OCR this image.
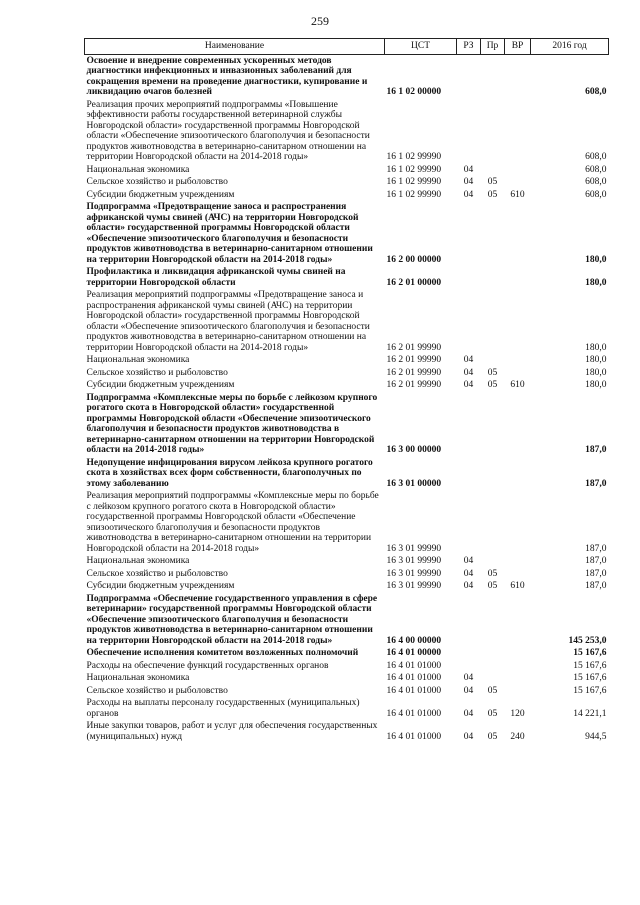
259
Наименование	ЦСТ	РЗ	Пр	ВР	2016 год
Освоение и внедрение современных ускоренных методов диагностики инфекционных и инвазионных заболеваний для сокращения времени на проведение диагностики, купирование и ликвидацию очагов болезней	16 1 02 00000				608,0
Реализация прочих мероприятий подпрограммы «Повышение эффективности работы государственной ветеринарной службы Новгородской области» государственной программы Новгородской области «Обеспечение эпизоотического благополучия и безопасности продуктов животноводства в ветеринарно-санитарном отношении на территории Новгородской области на 2014-2018 годы»	16 1 02 99990				608,0
Национальная экономика	16 1 02 99990	04			608,0
Сельское хозяйство и рыболовство	16 1 02 99990	04	05		608,0
Субсидии бюджетным учреждениям	16 1 02 99990	04	05	610	608,0
Подпрограмма «Предотвращение заноса и распространения африканской чумы свиней (АЧС) на территории Новгородской области» государственной программы Новгородской области «Обеспечение эпизоотического благополучия и безопасности продуктов животноводства в ветеринарно-санитарном отношении на территории Новгородской области на 2014-2018 годы»	16 2 00 00000				180,0
Профилактика и ликвидация африканской чумы свиней на территории Новгородской области	16 2 01 00000				180,0
Реализация мероприятий подпрограммы «Предотвращение заноса и распространения африканской чумы свиней (АЧС) на территории Новгородской области» государственной программы Новгородской области «Обеспечение эпизоотического благополучия и безопасности продуктов животноводства в ветеринарно-санитарном отношении на территории Новгородской области на 2014-2018 годы»	16 2 01 99990				180,0
Национальная экономика	16 2 01 99990	04			180,0
Сельское хозяйство и рыболовство	16 2 01 99990	04	05		180,0
Субсидии бюджетным учреждениям	16 2 01 99990	04	05	610	180,0
Подпрограмма «Комплексные меры по борьбе с лейкозом крупного рогатого скота в Новгородской области» государственной программы Новгородской области «Обеспечение эпизоотического благополучия и безопасности продуктов животноводства в ветеринарно-санитарном отношении на территории Новгородской области на 2014-2018 годы»	16 3 00 00000				187,0
Недопущение инфицирования вирусом лейкоза крупного рогатого скота в хозяйствах всех форм собственности, благополучных по этому заболеванию	16 3 01 00000				187,0
Реализация мероприятий подпрограммы «Комплексные меры по борьбе с лейкозом крупного рогатого скота в Новгородской области» государственной программы Новгородской области «Обеспечение эпизоотического благополучия и безопасности продуктов животноводства в ветеринарно-санитарном отношении на территории Новгородской области на 2014-2018 годы»	16 3 01 99990				187,0
Национальная экономика	16 3 01 99990	04			187,0
Сельское хозяйство и рыболовство	16 3 01 99990	04	05		187,0
Субсидии бюджетным учреждениям	16 3 01 99990	04	05	610	187,0
Подпрограмма «Обеспечение государственного управления в сфере ветеринарии» государственной программы Новгородской области «Обеспечение эпизоотического благополучия и безопасности продуктов животноводства в ветеринарно-санитарном отношении на территории Новгородской области на 2014-2018 годы»	16 4 00 00000				145 253,0
Обеспечение исполнения комитетом возложенных полномочий	16 4 01 00000				15 167,6
Расходы на обеспечение функций государственных органов	16 4 01 01000				15 167,6
Национальная экономика	16 4 01 01000	04			15 167,6
Сельское хозяйство и рыболовство	16 4 01 01000	04	05		15 167,6
Расходы на выплаты персоналу государственных (муниципальных) органов	16 4 01 01000	04	05	120	14 221,1
Иные закупки товаров, работ и услуг для обеспечения государственных (муниципальных) нужд	16 4 01 01000	04	05	240	944,5
